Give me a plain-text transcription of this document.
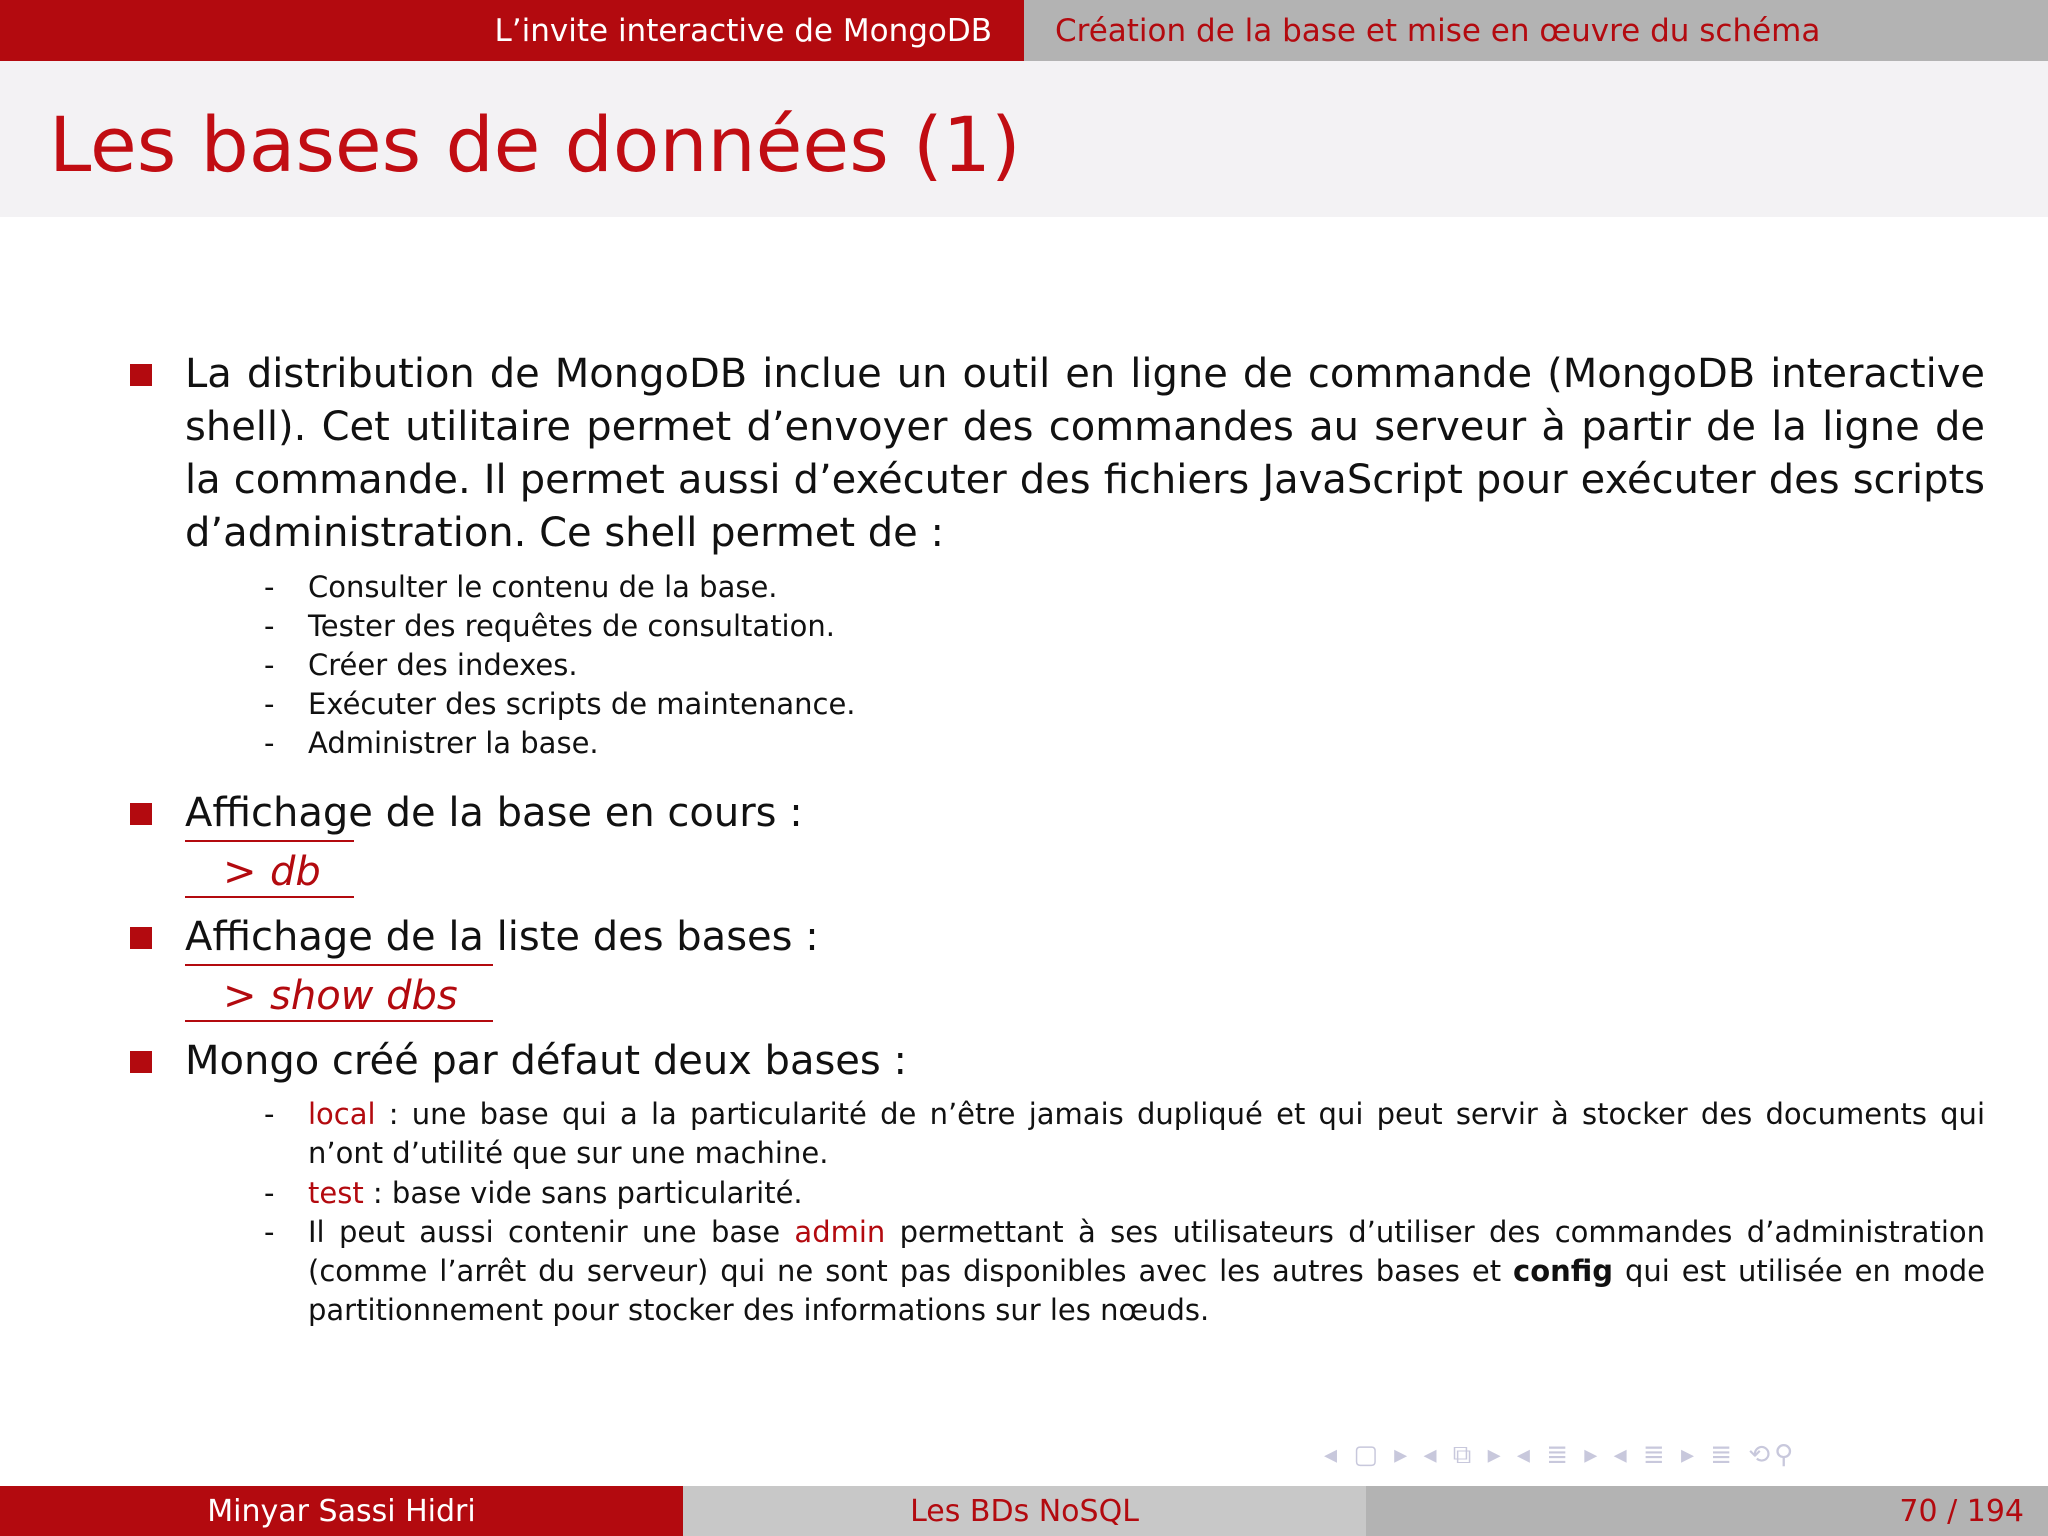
L’invite interactive de MongoDB	Création de la base et mise en œuvre du schéma
Les bases de données (1)
La distribution de MongoDB inclue un outil en ligne de commande (MongoDB interactive
shell). Cet utilitaire permet d’envoyer des commandes au serveur à partir de la ligne de
la commande. Il permet aussi d’exécuter des fichiers JavaScript pour exécuter des scripts
d’administration. Ce shell permet de :
- Consulter le contenu de la base.
- Tester des requêtes de consultation.
- Créer des indexes.
- Exécuter des scripts de maintenance.
- Administrer la base.
Affichage de la base en cours :
> db
Affichage de la liste des bases :
> show dbs
Mongo créé par défaut deux bases :
- local : une base qui a la particularité de n’être jamais dupliqué et qui peut servir à stocker des documents qui
n’ont d’utilité que sur une machine.
- test : base vide sans particularité.
- Il peut aussi contenir une base admin permettant à ses utilisateurs d’utiliser des commandes d’administration
(comme l’arrêt du serveur) qui ne sont pas disponibles avec les autres bases et config qui est utilisée en mode
partitionnement pour stocker des informations sur les nœuds.
◂ ▢ ▸ ◂ ⧉ ▸ ◂ ≣ ▸ ◂ ≣ ▸ ≣ ⟲⚲
Minyar Sassi Hidri	Les BDs NoSQL	70 / 194
